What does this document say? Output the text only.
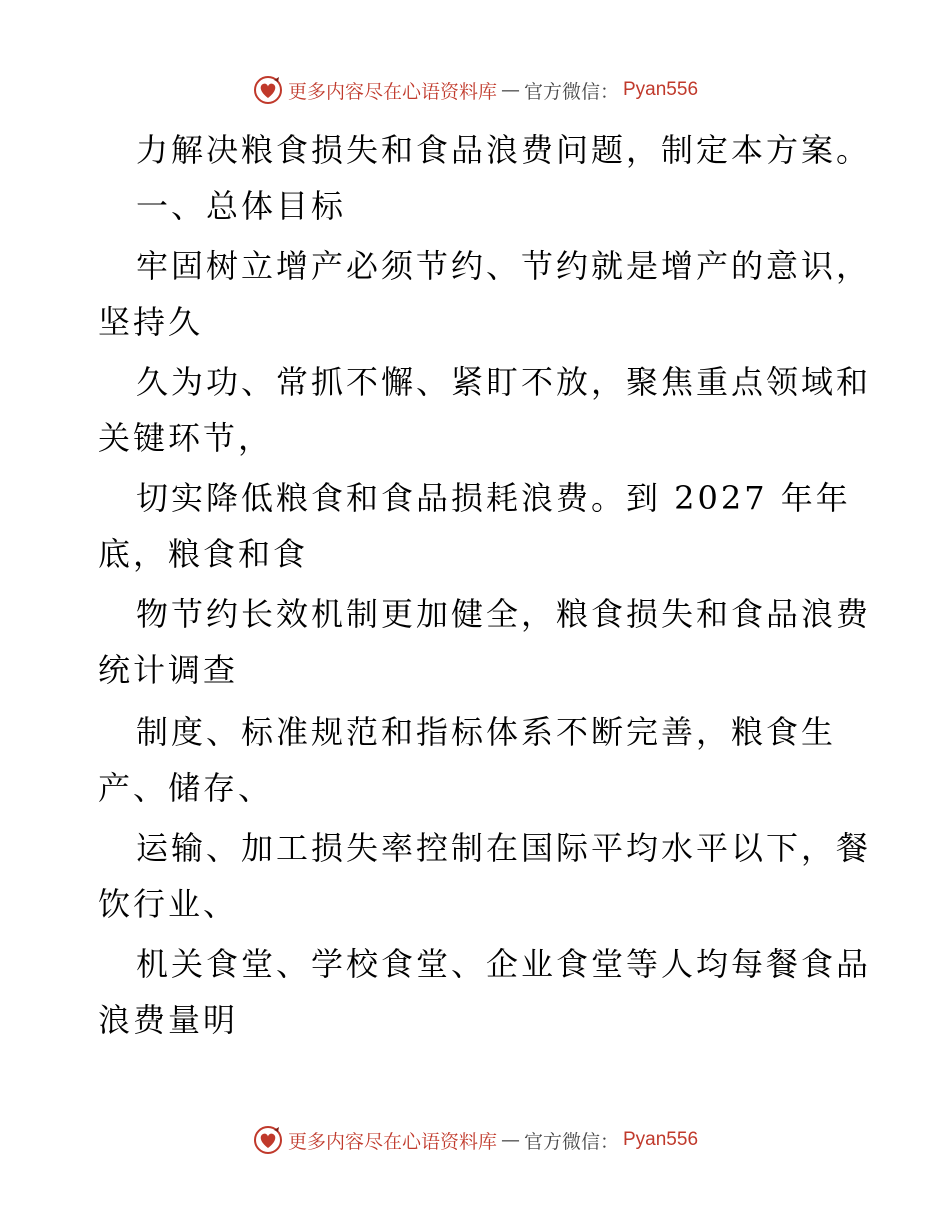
更多内容尽在心语资料库 — 官方微信： Pyan556
力解决粮食损失和食品浪费问题，制定本方案。
一、总体目标
牢固树立增产必须节约、节约就是增产的意识，
坚持久
久为功、常抓不懈、紧盯不放，聚焦重点领域和
关键环节，
切实降低粮食和食品损耗浪费。到 2027 年年
底，粮食和食
物节约长效机制更加健全，粮食损失和食品浪费
统计调查
制度、标准规范和指标体系不断完善，粮食生
产、储存、
运输、加工损失率控制在国际平均水平以下，餐
饮行业、
机关食堂、学校食堂、企业食堂等人均每餐食品
浪费量明
更多内容尽在心语资料库 — 官方微信： Pyan556
